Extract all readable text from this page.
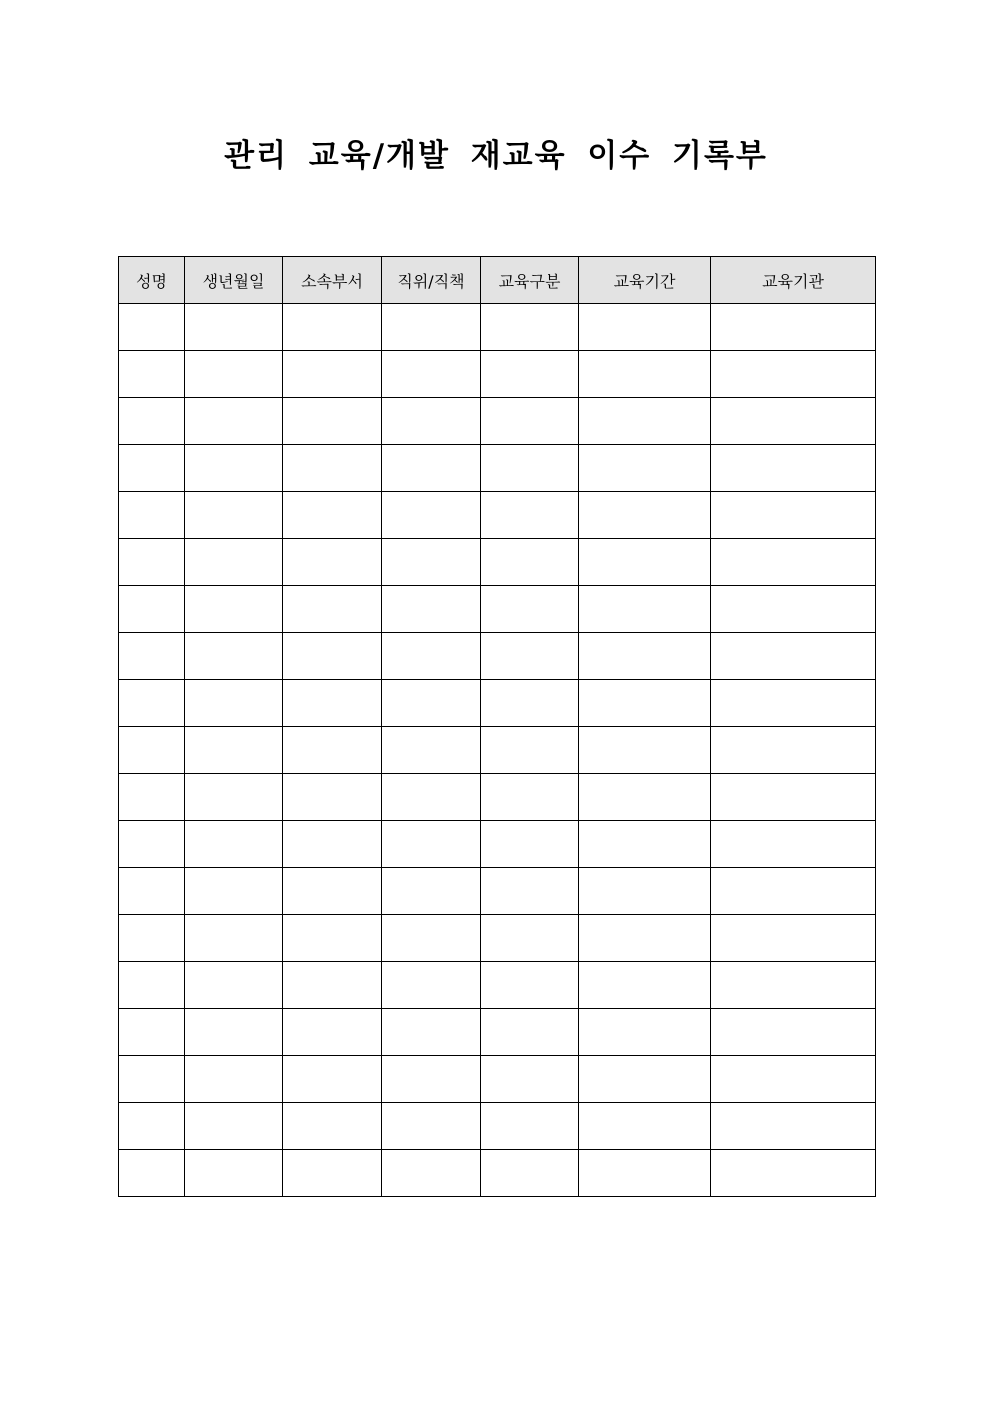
관리 교육/개발 재교육 이수 기록부
성명	생년월일	소속부서	직위/직책	교육구분	교육기간	교육기관
